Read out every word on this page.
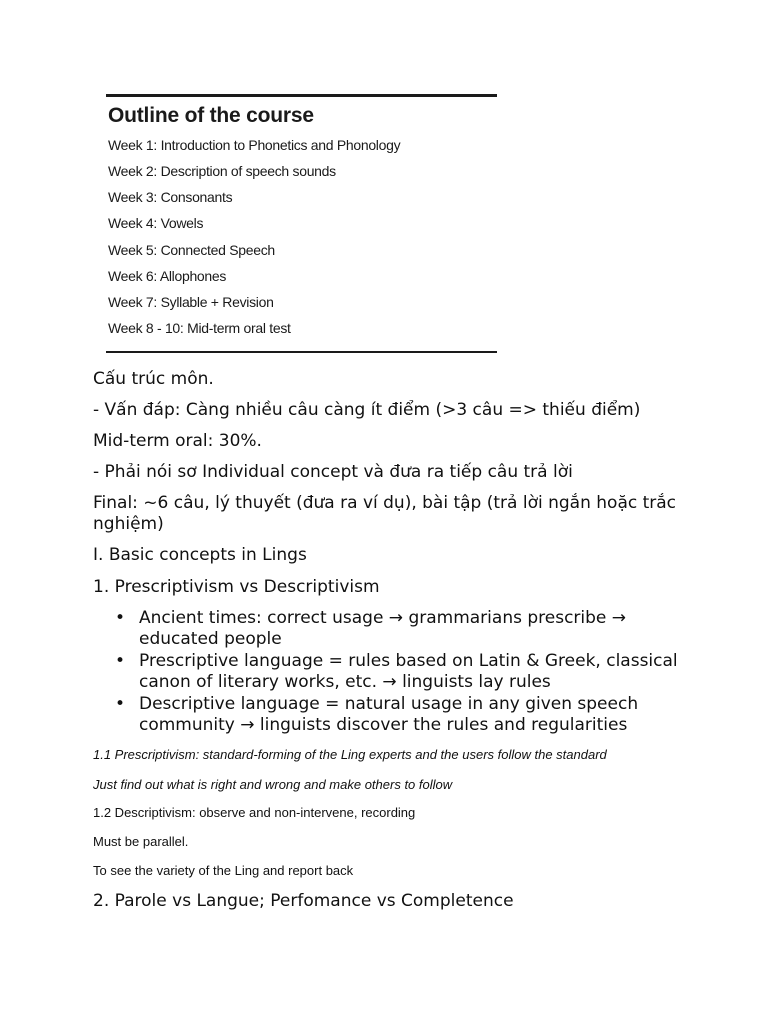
Outline of the course
Week 1: Introduction to Phonetics and Phonology
Week 2: Description of speech sounds
Week 3: Consonants
Week 4: Vowels
Week 5: Connected Speech
Week 6: Allophones
Week 7: Syllable + Revision
Week 8 - 10: Mid-term oral test
Cấu trúc môn.
- Vấn đáp: Càng nhiều câu càng ít điểm (>3 câu => thiếu điểm)
Mid-term oral: 30%.
- Phải nói sơ Individual concept và đưa ra tiếp câu trả lời
Final: ~6 câu, lý thuyết (đưa ra ví dụ), bài tập (trả lời ngắn hoặc trắc nghiệm)
I. Basic concepts in Lings
1. Prescriptivism vs Descriptivism
• Ancient times: correct usage → grammarians prescribe → educated people
• Prescriptive language = rules based on Latin & Greek, classical canon of literary works, etc. → linguists lay rules
• Descriptive language = natural usage in any given speech community → linguists discover the rules and regularities
1.1 Prescriptivism: standard-forming of the Ling experts and the users follow the standard
Just find out what is right and wrong and make others to follow
1.2 Descriptivism: observe and non-intervene, recording
Must be parallel.
To see the variety of the Ling and report back
2. Parole vs Langue; Perfomance vs Completence
